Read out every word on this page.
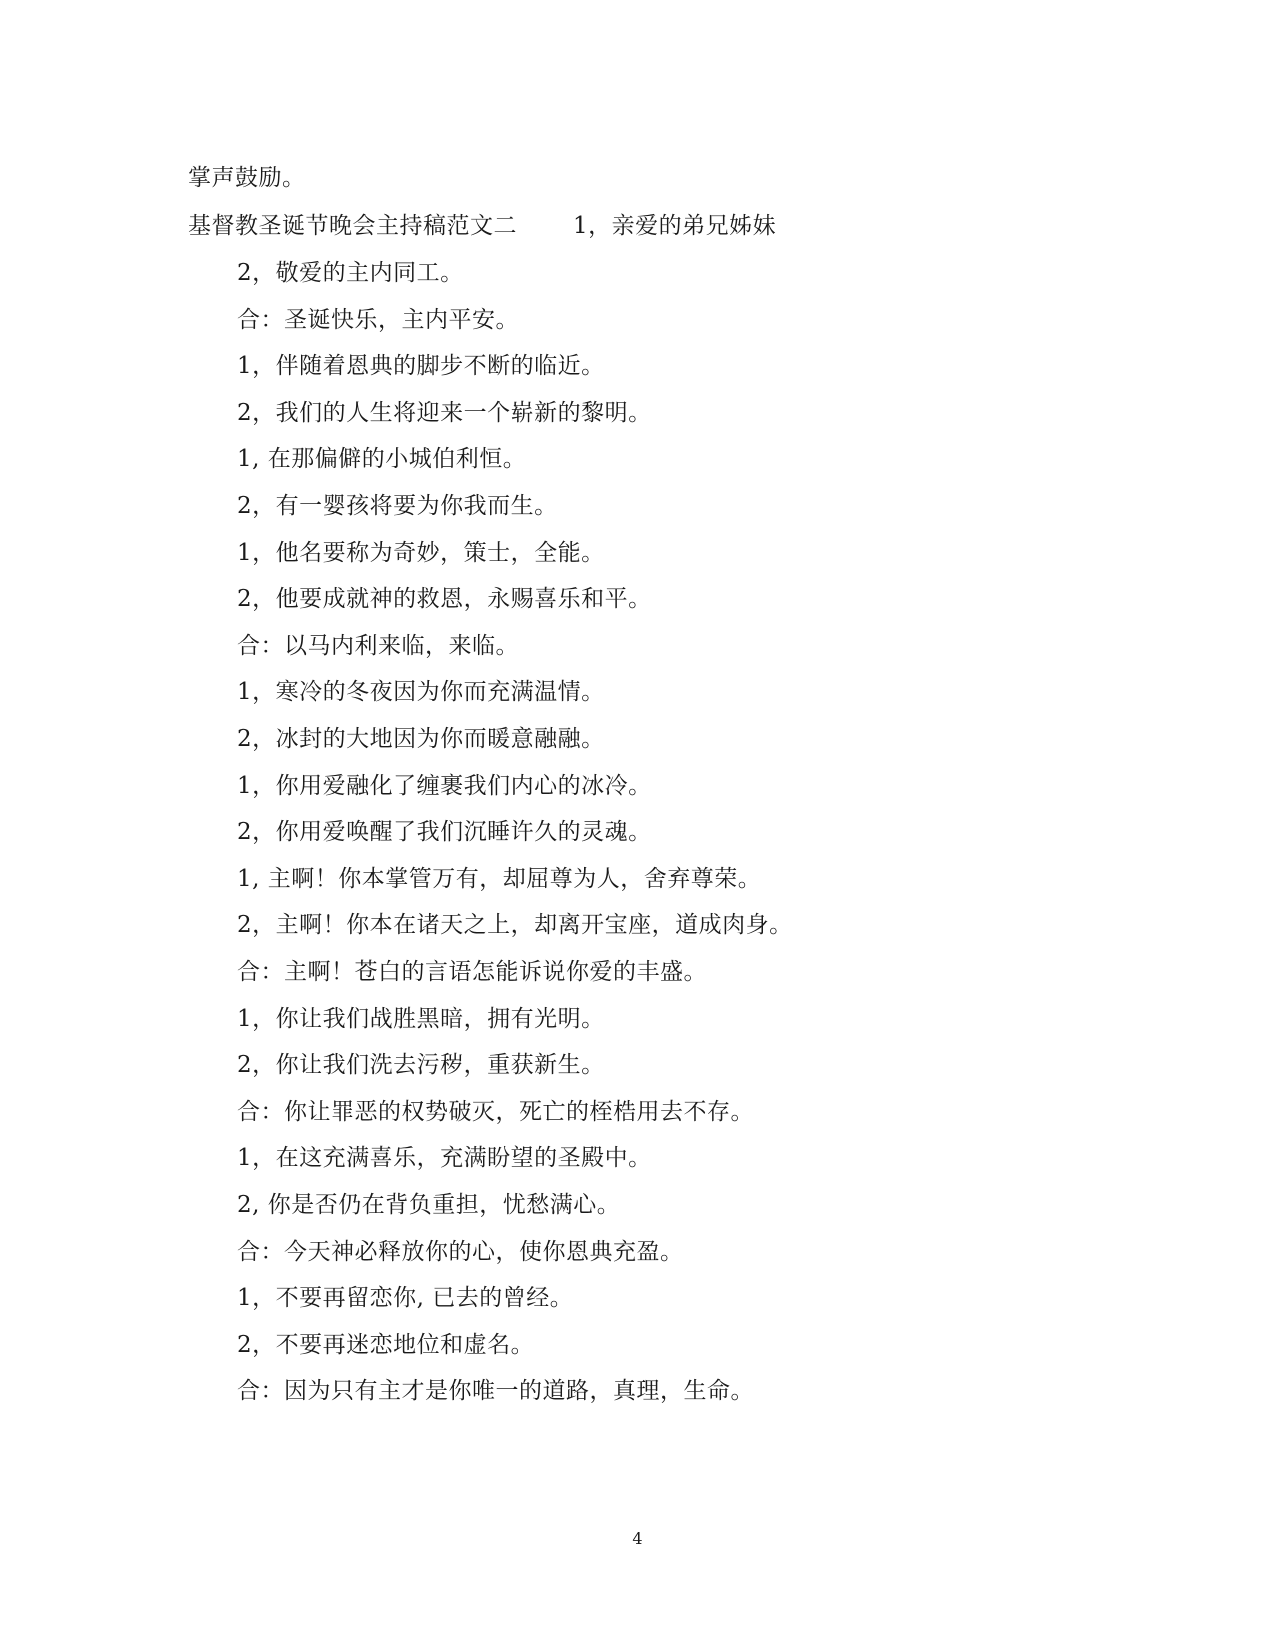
掌声鼓励。
基督教圣诞节晚会主持稿范文二 1，亲爱的弟兄姊妹
2，敬爱的主内同工。
合：圣诞快乐，主内平安。
1，伴随着恩典的脚步不断的临近。
2，我们的人生将迎来一个崭新的黎明。
1, 在那偏僻的小城伯利恒。
2，有一婴孩将要为你我而生。
1，他名要称为奇妙，策士，全能。
2，他要成就神的救恩，永赐喜乐和平。
合：以马内利来临，来临。
1，寒冷的冬夜因为你而充满温情。
2，冰封的大地因为你而暖意融融。
1，你用爱融化了缠裹我们内心的冰冷。
2，你用爱唤醒了我们沉睡许久的灵魂。
1, 主啊！你本掌管万有，却屈尊为人，舍弃尊荣。
2，主啊！你本在诸天之上，却离开宝座，道成肉身。
合：主啊！苍白的言语怎能诉说你爱的丰盛。
1，你让我们战胜黑暗，拥有光明。
2，你让我们洗去污秽，重获新生。
合：你让罪恶的权势破灭，死亡的桎梏用去不存。
1，在这充满喜乐，充满盼望的圣殿中。
2, 你是否仍在背负重担，忧愁满心。
合：今天神必释放你的心，使你恩典充盈。
1，不要再留恋你, 已去的曾经。
2，不要再迷恋地位和虚名。
合：因为只有主才是你唯一的道路，真理，生命。
4
